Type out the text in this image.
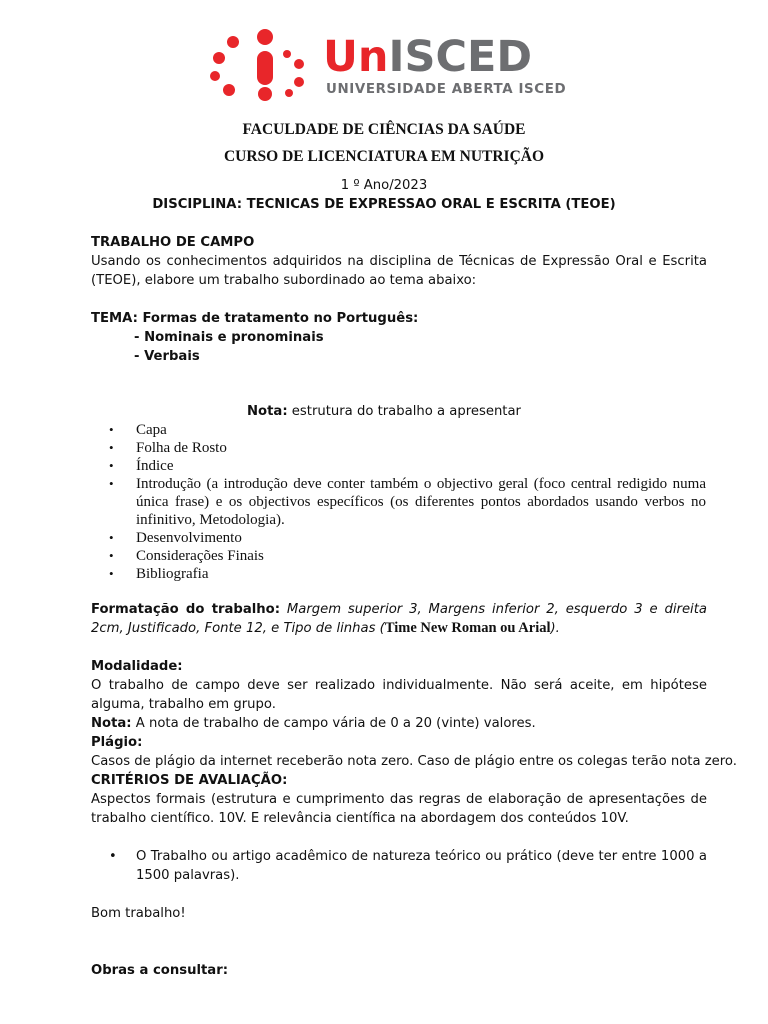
UnISCED
UNIVERSIDADE ABERTA ISCED
FACULDADE DE CIÊNCIAS DA SAÚDE
CURSO DE LICENCIATURA EM NUTRIÇÃO
1 º Ano/2023
DISCIPLINA: TECNICAS DE EXPRESSAO ORAL E ESCRITA (TEOE)
TRABALHO DE CAMPO
Usando os conhecimentos adquiridos na disciplina de Técnicas de Expressão Oral e Escrita (TEOE), elabore um trabalho subordinado ao tema abaixo:
TEMA: Formas de tratamento no Português:
- Nominais e pronominais
- Verbais
Nota: estrutura do trabalho a apresentar
• Capa
• Folha de Rosto
• Índice
• Introdução (a introdução deve conter também o objectivo geral (foco central redigido numa única frase) e os objectivos específicos (os diferentes pontos abordados usando verbos no infinitivo, Metodologia).
• Desenvolvimento
• Considerações Finais
• Bibliografia
Formatação do trabalho: Margem superior 3, Margens inferior 2, esquerdo 3 e direita 2cm, Justificado, Fonte 12, e Tipo de linhas (Time New Roman ou Arial).
Modalidade:
O trabalho de campo deve ser realizado individualmente. Não será aceite, em hipótese alguma, trabalho em grupo.
Nota: A nota de trabalho de campo vária de 0 a 20 (vinte) valores.
Plágio:
Casos de plágio da internet receberão nota zero. Caso de plágio entre os colegas terão nota zero.
CRITÉRIOS DE AVALIAÇÃO:
Aspectos formais (estrutura e cumprimento das regras de elaboração de apresentações de trabalho científico. 10V. E relevância científica na abordagem dos conteúdos 10V.
• O Trabalho ou artigo acadêmico de natureza teórico ou prático (deve ter entre 1000 a 1500 palavras).
Bom trabalho!
Obras a consultar:
